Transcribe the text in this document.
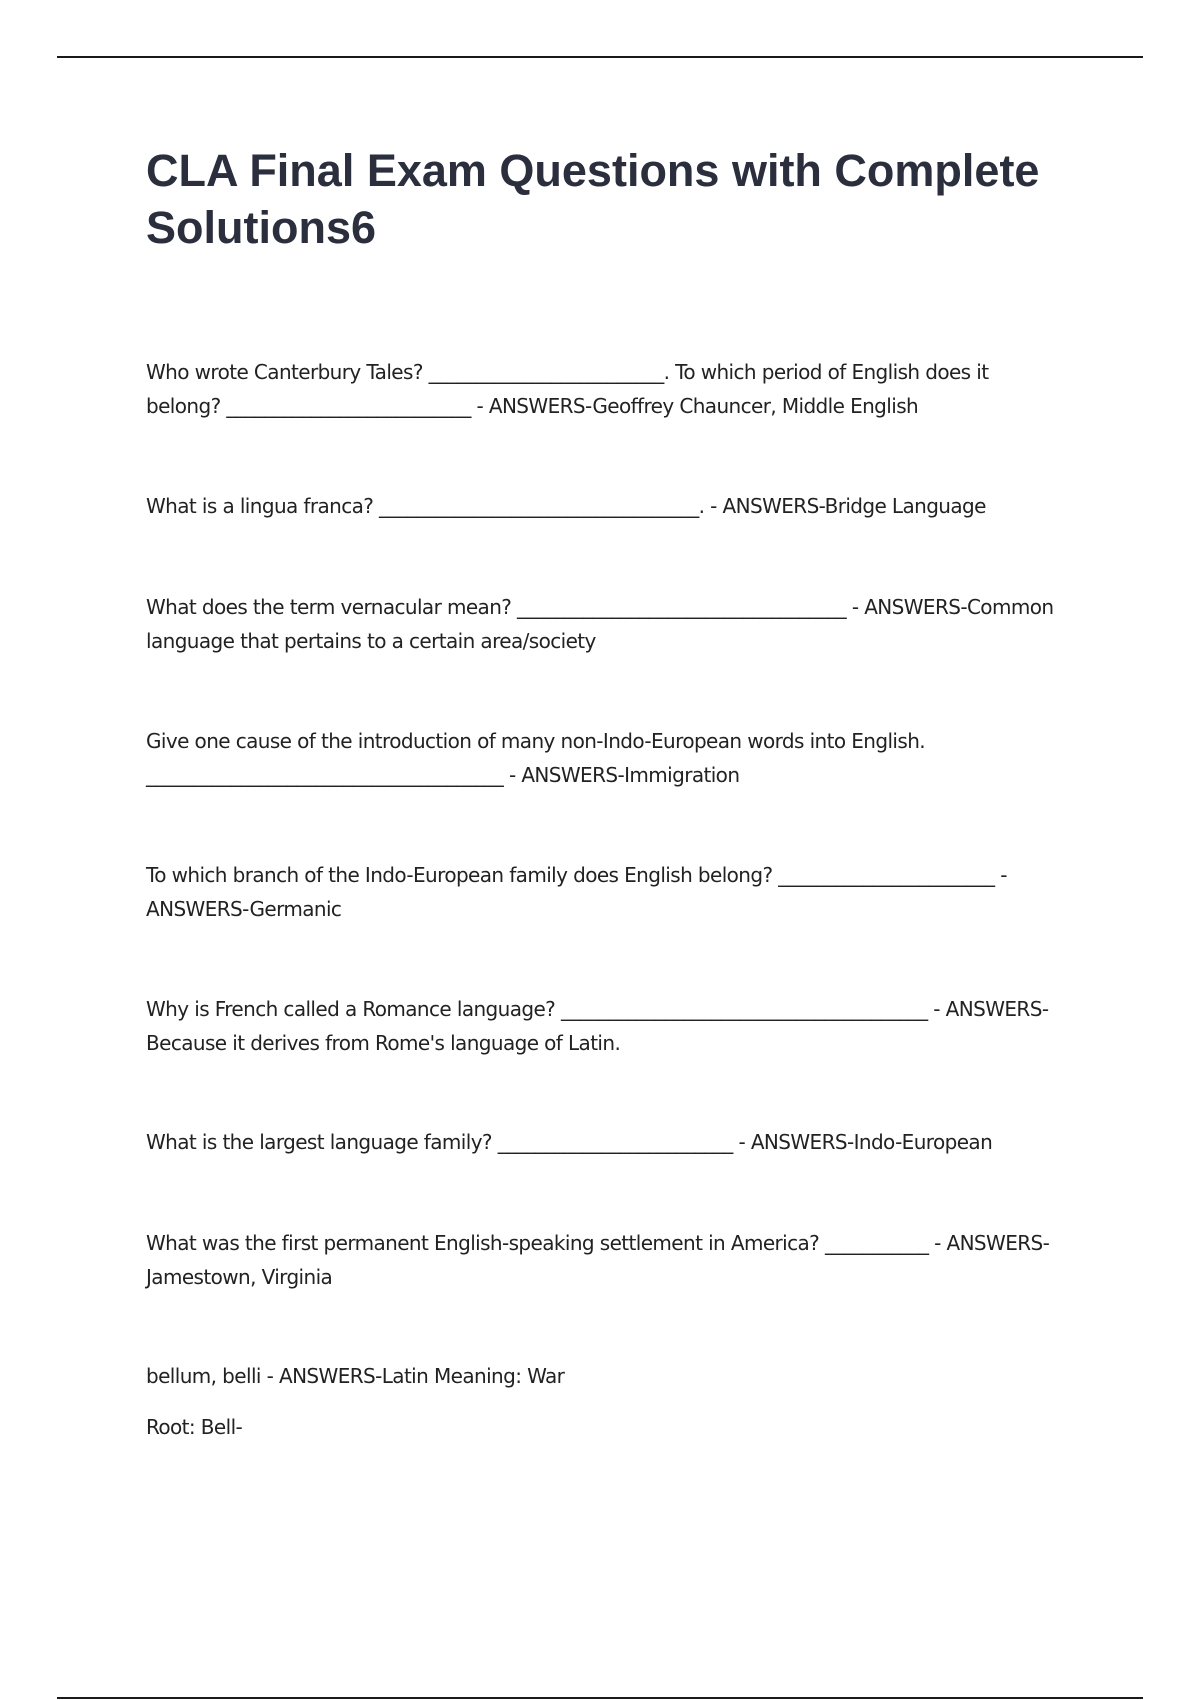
CLA Final Exam Questions with Complete Solutions6

Who wrote Canterbury Tales? _________________________. To which period of English does it belong? __________________________ - ANSWERS-Geoffrey Chauncer, Middle English

What is a lingua franca? __________________________________. - ANSWERS-Bridge Language

What does the term vernacular mean? ___________________________________ - ANSWERS-Common language that pertains to a certain area/society

Give one cause of the introduction of many non-Indo-European words into English. ______________________________________ - ANSWERS-Immigration

To which branch of the Indo-European family does English belong? _______________________ - ANSWERS-Germanic

Why is French called a Romance language? _______________________________________ - ANSWERS-Because it derives from Rome's language of Latin.

What is the largest language family? _________________________ - ANSWERS-Indo-European

What was the first permanent English-speaking settlement in America? ___________ - ANSWERS-Jamestown, Virginia

bellum, belli - ANSWERS-Latin Meaning: War

Root: Bell-
